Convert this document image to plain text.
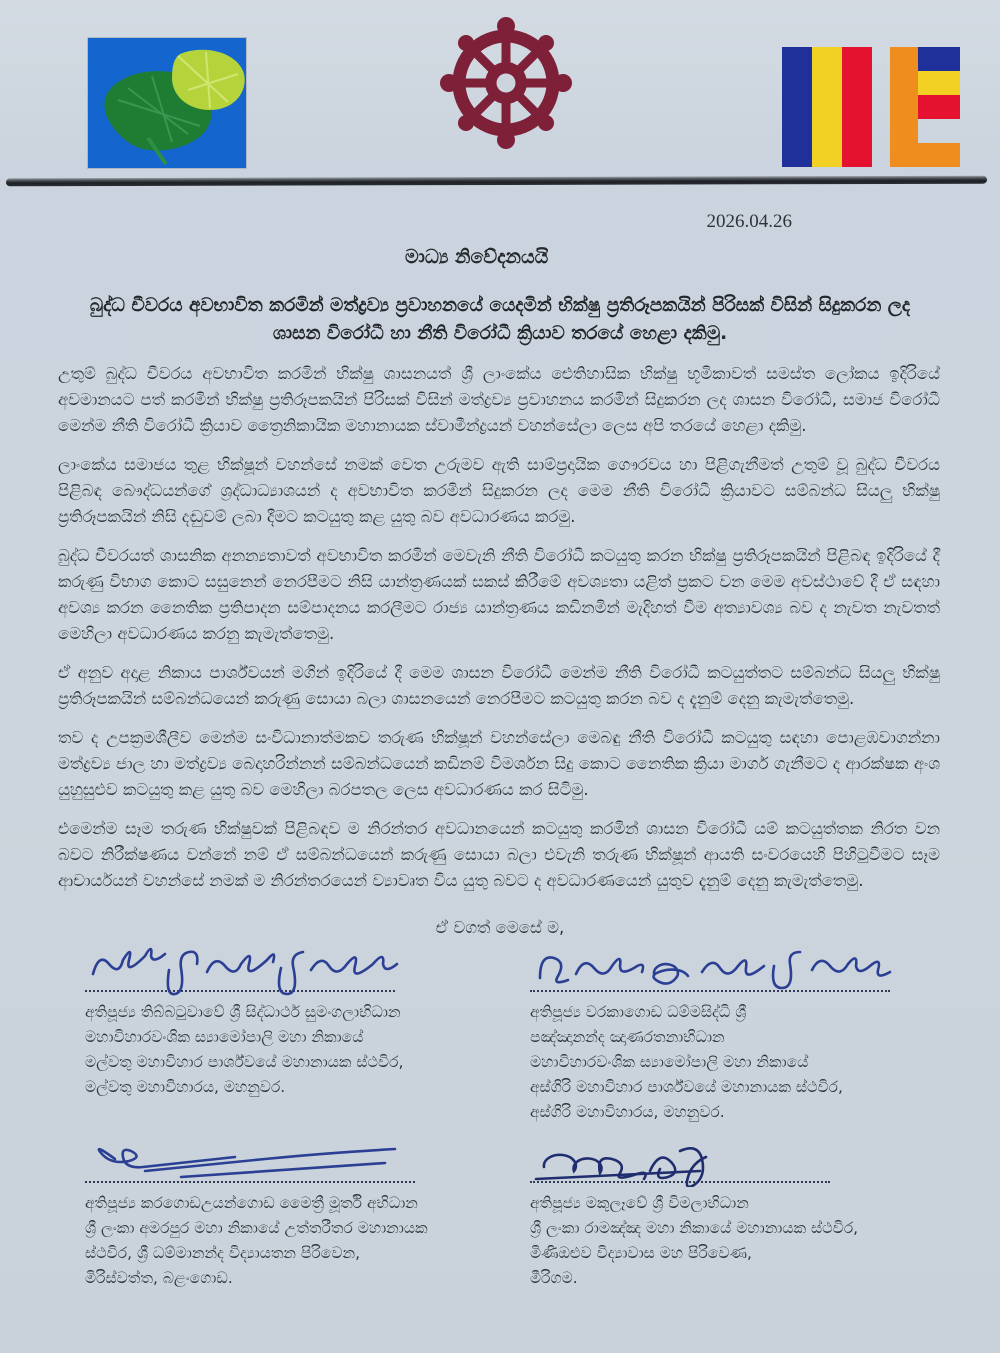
2026.04.26
මාධ්‍ය නිවේදනයයි
බුද්ධ චීවරය අවභාවිත කරමින් මත්ද්‍රව්‍ය ප්‍රවාහනයේ යෙදමින් භික්ෂු ප්‍රතිරූපකයින් පිරිසක් විසින් සිදුකරන ලද ශාසන විරෝධී හා නීති විරෝධී ක්‍රියාව තරයේ හෙළා දකිමු.

උතුම් බුද්ධ චීවරය අවභාවිත කරමින් භික්ෂු ශාසනයත් ශ්‍රී ලාංකේය ඓතිහාසික භික්ෂු භූමිකාවත් සමස්ත ලෝකය ඉදිරියේ අවමානයට පත් කරමින් භික්ෂු ප්‍රතිරූපකයින් පිරිසක් විසින් මත්ද්‍රව්‍ය ප්‍රවාහනය කරමින් සිදුකරන ලද ශාසන විරෝධී, සමාජ විරෝධී මෙන්ම නීති විරෝධී ක්‍රියාව ත්‍රෛනිකායික මහානායක ස්වාමීන්ද්‍රයන් වහන්සේලා ලෙස අපි තරයේ හෙළා දකිමු.

ලාංකේය සමාජය තුළ භික්ෂූන් වහන්සේ නමක් වෙත උරුමව ඇති සාම්ප්‍රදායික ගෞරවය හා පිළිගැනීමත් උතුම් වූ බුද්ධ චීවරය පිළිබඳ බෞද්ධයන්ගේ ශ්‍රද්ධාධ්‍යාශයන් ද අවභාවිත කරමින් සිදුකරන ලද මෙම නීති විරෝධී ක්‍රියාවට සම්බන්ධ සියලු භික්ෂු ප්‍රතිරූපකයින් නිසි දඬුවම් ලබා දීමට කටයුතු කළ යුතු බව අවධාරණය කරමු.

බුද්ධ චීවරයත් ශාසනික අනන්‍යතාවත් අවභාවිත කරමින් මෙවැනි නීති විරෝධී කටයුතු කරන භික්ෂු ප්‍රතිරූපකයින් පිළිබඳ ඉදිරියේ දී කරුණු විභාග කොට සසුනෙන් නෙරපීමට නිසි යාන්ත්‍රණයක් සකස් කිරීමේ අවශ්‍යතා යළිත් ප්‍රකට වන මෙම අවස්ථාවේ දී ඒ සඳහා අවශ්‍ය කරන නෛතික ප්‍රතිපාදන සම්පාදනය කරලීමට රාජ්‍ය යාන්ත්‍රණය කඩිනමින් මැදිහත් වීම අත්‍යාවශ්‍ය බව ද නැවත නැවතත් මෙහිලා අවධාරණය කරනු කැමැත්තෙමු.

ඒ අනුව අදාළ නිකාය පාර්ශ්වයන් මගින් ඉදිරියේ දී මෙම ශාසන විරෝධී මෙන්ම නීති විරෝධී කටයුත්තට සම්බන්ධ සියලු භික්ෂු ප්‍රතිරූපකයින් සම්බන්ධයෙන් කරුණු සොයා බලා ශාසනයෙන් නෙරපීමට කටයුතු කරන බව ද දැනුම් දෙනු කැමැත්තෙමු.

තව ද උපක්‍රමශීලීව මෙන්ම සංවිධානාත්මකව තරුණ භික්ෂූන් වහන්සේලා මෙබඳු නීති විරෝධී කටයුතු සඳහා පොළඹවාගන්නා මත්ද්‍රව්‍ය ජාල හා මත්ද්‍රව්‍ය බෙදාහරින්නන් සම්බන්ධයෙන් කඩිනම් විමර්ශන සිදු කොට නෛතික ක්‍රියා මාර්ග ගැනීමට ද ආරක්ෂක අංශ යුහුසුළුව කටයුතු කළ යුතු බව මෙහිලා බරපතල ලෙස අවධාරණය කර සිටිමු.

එමෙන්ම සෑම තරුණ භික්ෂුවක් පිළිබඳව ම නිරන්තර අවධානයෙන් කටයුතු කරමින් ශාසන විරෝධී යම් කටයුත්තක නිරත වන බවට නිරීක්ෂණය වන්නේ නම් ඒ සම්බන්ධයෙන් කරුණු සොයා බලා එවැනි තරුණ භික්ෂූන් ආයති සංවරයෙහි පිහිටුවීමට සෑම ආචාර්යයන් වහන්සේ නමක් ම නිරන්තරයෙන් ව්‍යාවෘත විය යුතු බවට ද අවධාරණයෙන් යුතුව දැනුම් දෙනු කැමැත්තෙමු.

ඒ වගත් මෙසේ ම,
අතිපූජ්‍ය තිබ්බටුවාවේ ශ්‍රී සිද්ධාර්ථ සුමංගලාභිධාන
මහාවිහාරවංශික ස්‍යාමෝපාලි මහා නිකායේ
මල්වතු මහාවිහාර පාර්ශ්වයේ මහානායක ස්ථවිර,
මල්වතු මහාවිහාරය, මහනුවර.
අතිපූජ්‍ය වරකාගොඩ ධම්මසිද්ධි ශ්‍රී
පඤ්ඤානන්ද ඤාණරතනාභිධාන
මහාවිහාරවංශික ස්‍යාමෝපාලි මහා නිකායේ
අස්ගිරි මහාවිහාර පාර්ශ්වයේ මහානායක ස්ථවිර,
අස්ගිරි මහාවිහාරය, මහනුවර.
අතිපූජ්‍ය කරගොඩඋයන්ගොඩ මෛත්‍රී මූර්ති අභිධාන
ශ්‍රී ලංකා අමරපුර මහා නිකායේ උත්තරීතර මහානායක
ස්ථවිර, ශ්‍රී ධම්මානන්ද විද්‍යායතන පිරිවෙන,
මිරිස්වත්ත, බළංගොඩ.
අතිපූජ්‍ය මකුලෑවේ ශ්‍රී විමලාභිධාන
ශ්‍රී ලංකා රාමඤ්ඤ මහා නිකායේ මහානායක ස්ථවිර,
මිණිඔළුව විද්‍යාවාස මහ පිරිවෙණ,
මීරිගම.
